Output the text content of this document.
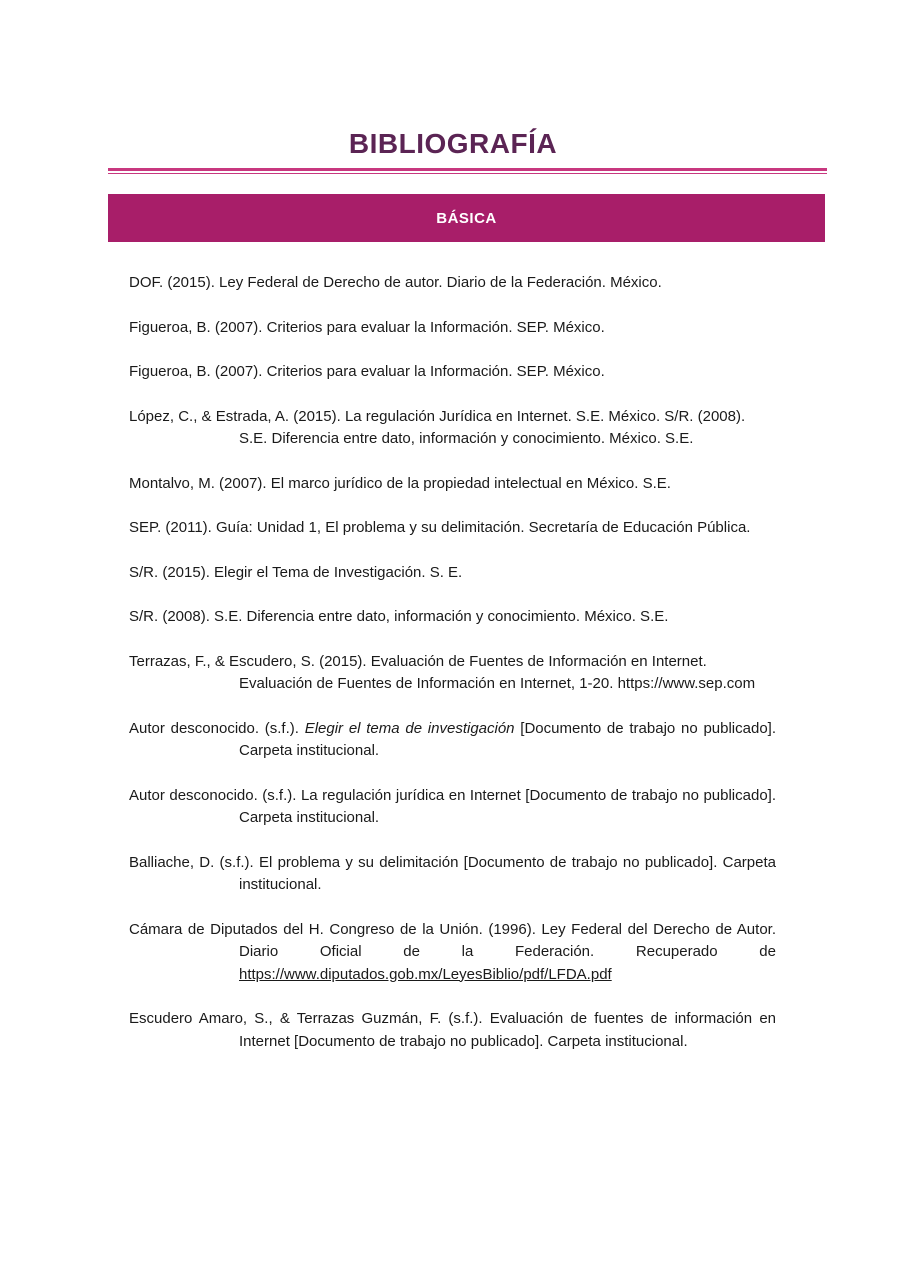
BIBLIOGRAFÍA
BÁSICA
DOF. (2015). Ley Federal de Derecho de autor. Diario de la Federación. México.
Figueroa, B. (2007). Criterios para evaluar la Información. SEP. México.
Figueroa, B. (2007). Criterios para evaluar la Información. SEP. México.
López, C., & Estrada, A. (2015). La regulación Jurídica en Internet. S.E. México. S/R. (2008). S.E. Diferencia entre dato, información y conocimiento. México. S.E.
Montalvo, M. (2007). El marco jurídico de la propiedad intelectual en México. S.E.
SEP. (2011). Guía: Unidad 1, El problema y su delimitación. Secretaría de Educación Pública.
S/R. (2015). Elegir el Tema de Investigación. S. E.
S/R. (2008). S.E. Diferencia entre dato, información y conocimiento. México. S.E.
Terrazas, F., & Escudero, S. (2015). Evaluación de Fuentes de Información en Internet. Evaluación de Fuentes de Información en Internet, 1-20. https://www.sep.com
Autor desconocido. (s.f.). Elegir el tema de investigación [Documento de trabajo no publicado]. Carpeta institucional.
Autor desconocido. (s.f.). La regulación jurídica en Internet [Documento de trabajo no publicado]. Carpeta institucional.
Balliache, D. (s.f.). El problema y su delimitación [Documento de trabajo no publicado]. Carpeta institucional.
Cámara de Diputados del H. Congreso de la Unión. (1996). Ley Federal del Derecho de Autor. Diario Oficial de la Federación. Recuperado de https://www.diputados.gob.mx/LeyesBiblio/pdf/LFDA.pdf
Escudero Amaro, S., & Terrazas Guzmán, F. (s.f.). Evaluación de fuentes de información en Internet [Documento de trabajo no publicado]. Carpeta institucional.
